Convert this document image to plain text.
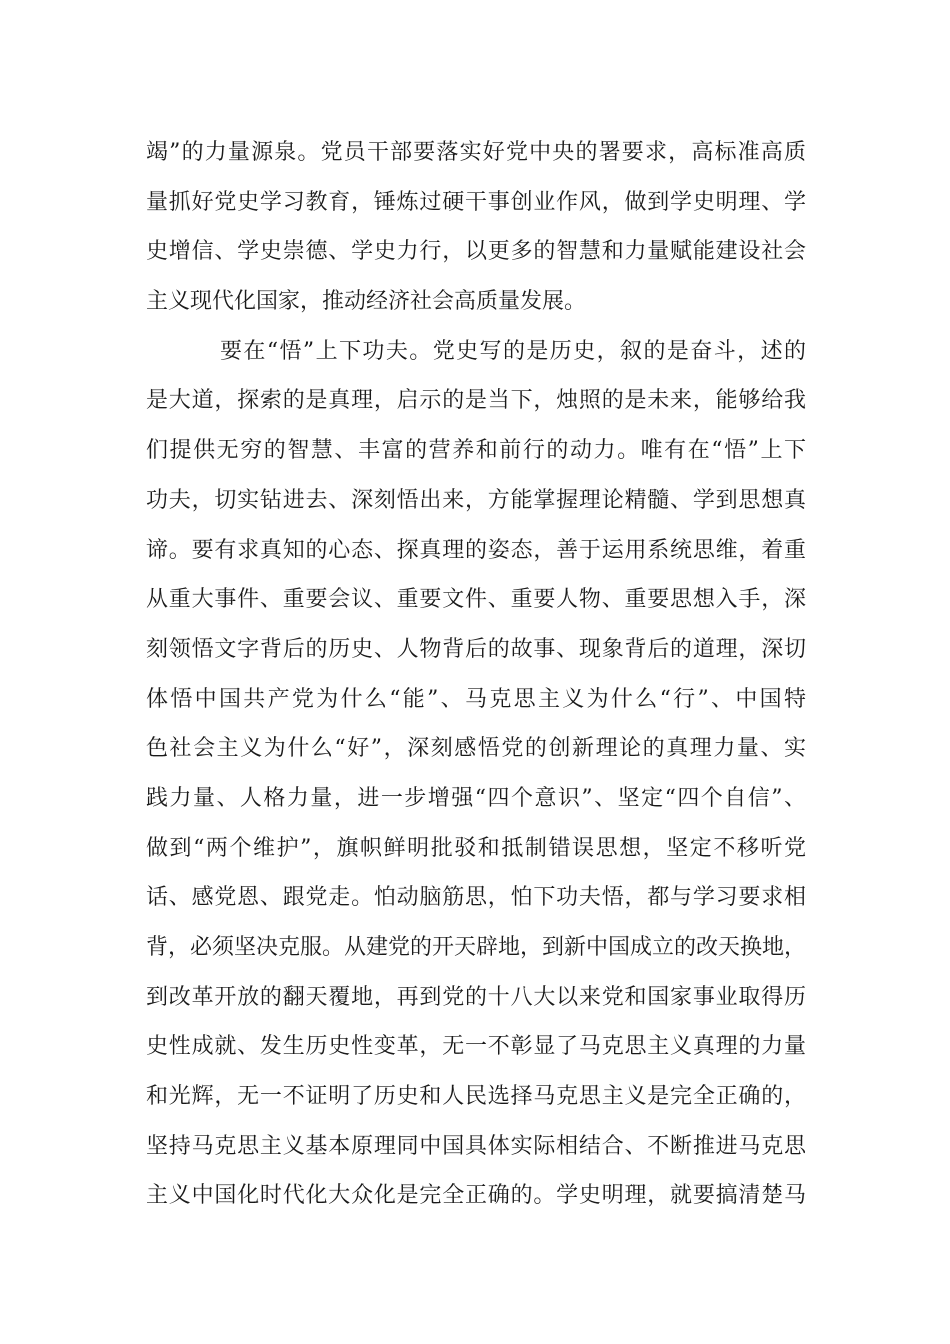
竭”的力量源泉。党员干部要落实好党中央的署要求，高标准高质
量抓好党史学习教育，锤炼过硬干事创业作风，做到学史明理、学
史增信、学史崇德、学史力行，以更多的智慧和力量赋能建设社会
主义现代化国家，推动经济社会高质量发展。
要在“悟”上下功夫。党史写的是历史，叙的是奋斗，述的
是大道，探索的是真理，启示的是当下，烛照的是未来，能够给我
们提供无穷的智慧、丰富的营养和前行的动力。唯有在“悟”上下
功夫，切实钻进去、深刻悟出来，方能掌握理论精髓、学到思想真
谛。要有求真知的心态、探真理的姿态，善于运用系统思维，着重
从重大事件、重要会议、重要文件、重要人物、重要思想入手，深
刻领悟文字背后的历史、人物背后的故事、现象背后的道理，深切
体悟中国共产党为什么“能”、马克思主义为什么“行”、中国特
色社会主义为什么“好”，深刻感悟党的创新理论的真理力量、实
践力量、人格力量，进一步增强“四个意识”、坚定“四个自信”、
做到“两个维护”，旗帜鲜明批驳和抵制错误思想，坚定不移听党
话、感党恩、跟党走。怕动脑筋思，怕下功夫悟，都与学习要求相
背，必须坚决克服。从建党的开天辟地，到新中国成立的改天换地，
到改革开放的翻天覆地，再到党的十八大以来党和国家事业取得历
史性成就、发生历史性变革，无一不彰显了马克思主义真理的力量
和光辉，无一不证明了历史和人民选择马克思主义是完全正确的，
坚持马克思主义基本原理同中国具体实际相结合、不断推进马克思
主义中国化时代化大众化是完全正确的。学史明理，就要搞清楚马
